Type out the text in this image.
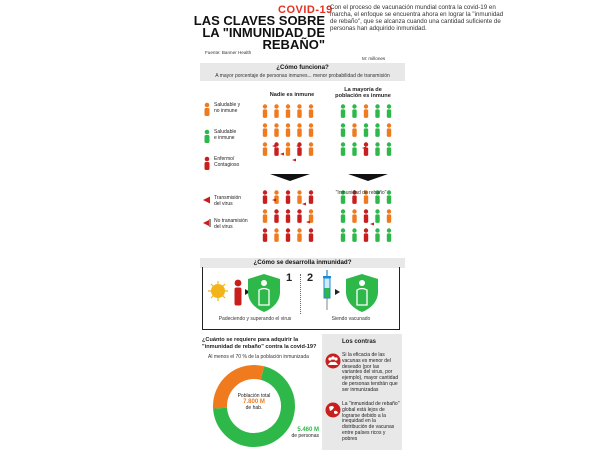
COVID-19
LAS CLAVES SOBRE
LA "INMUNIDAD DE
REBAÑO"
Fuente: Banner Health
Con el proceso de vacunación mundial contra la covid-19 en marcha, el enfoque se encuentra ahora en lograr la "inmunidad de rebaño", que se alcanza cuando una cantidad suficiente de personas han adquirido inmunidad.
M: millones
¿Cómo funciona?
A mayor porcentaje de personas inmunes... menor probabilidad de transmisión
Nadie es inmune
La mayoría de
población es inmune
Saludable y
no inmune
Saludable
e inmune
Enfermo/
Contagioso
Transmisión
del virus
No tranamisión
del virus
"Inmunidad de rebaño"
¿Cómo se desarrolla inmunidad?
1 2
Padeciendo y superando el virus	Siendo vacunado
¿Cuánto se requiere para adquirir la
"inmunidad de rebaño" contra la covid-19?
Al menos el 70 % de la población inmunizada
Población total
7.800 M
de hab.
5.460 M
de personas
Los contras
Si la eficacia de las vacunas es menor del deseado (por las variantes del virus, por ejemplo), mayor cantidad de personas tendrán que ser inmunizadas
La "inmunidad de rebaño" global está lejos de lograrse debido a la inequidad en la distribución de vacunas entre países ricos y pobres
